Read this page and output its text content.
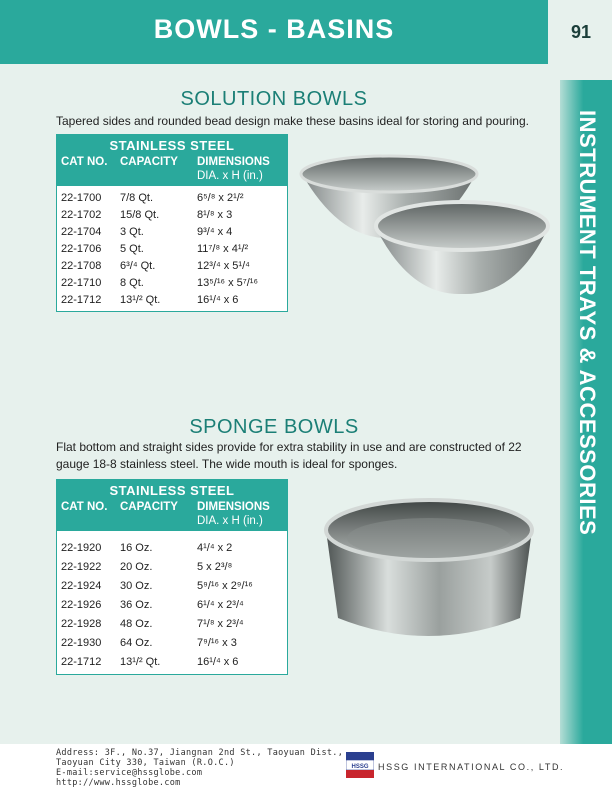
BOWLS - BASINS	91
INSTRUMENT TRAYS & ACCESSORIES
SOLUTION BOWLS
Tapered sides and rounded bead design make these basins ideal for storing and pouring.
STAINLESS STEEL
CAT NO.	CAPACITY	DIMENSIONS
DIA. x H (in.)
22-1700	7/8 Qt.	6⁵/⁸ x 2¹/²
22-1702	15/8 Qt.	8¹/⁸ x 3
22-1704	3 Qt.	9³/⁴ x 4
22-1706	5 Qt.	11⁷/⁸ x 4¹/²
22-1708	6³/⁴ Qt.	12³/⁴ x 5¹/⁴
22-1710	8 Qt.	13⁵/¹⁶ x 5⁷/¹⁶
22-1712	13¹/² Qt.	16¹/⁴ x 6
SPONGE BOWLS
Flat bottom and straight sides provide for extra stability in use and are constructed of 22 gauge 18-8 stainless steel. The wide mouth is ideal for sponges.
STAINLESS STEEL
CAT NO.	CAPACITY	DIMENSIONS
DIA. x H (in.)
22-1920	16 Oz.	4¹/⁴ x 2
22-1922	20 Oz.	5 x 2³/⁸
22-1924	30 Oz.	5⁹/¹⁶ x 2⁹/¹⁶
22-1926	36 Oz.	6¹/⁴ x 2³/⁴
22-1928	48 Oz.	7¹/⁸ x 2³/⁴
22-1930	64 Oz.	7⁹/¹⁶ x 3
22-1712	13¹/² Qt.	16¹/⁴ x 6
Address: 3F., No.37, Jiangnan 2nd St., Taoyuan Dist.,
Taoyuan City 330, Taiwan (R.O.C.)
E-mail:service@hssglobe.com
http://www.hssglobe.com
HSSG HSSG INTERNATIONAL CO., LTD.
